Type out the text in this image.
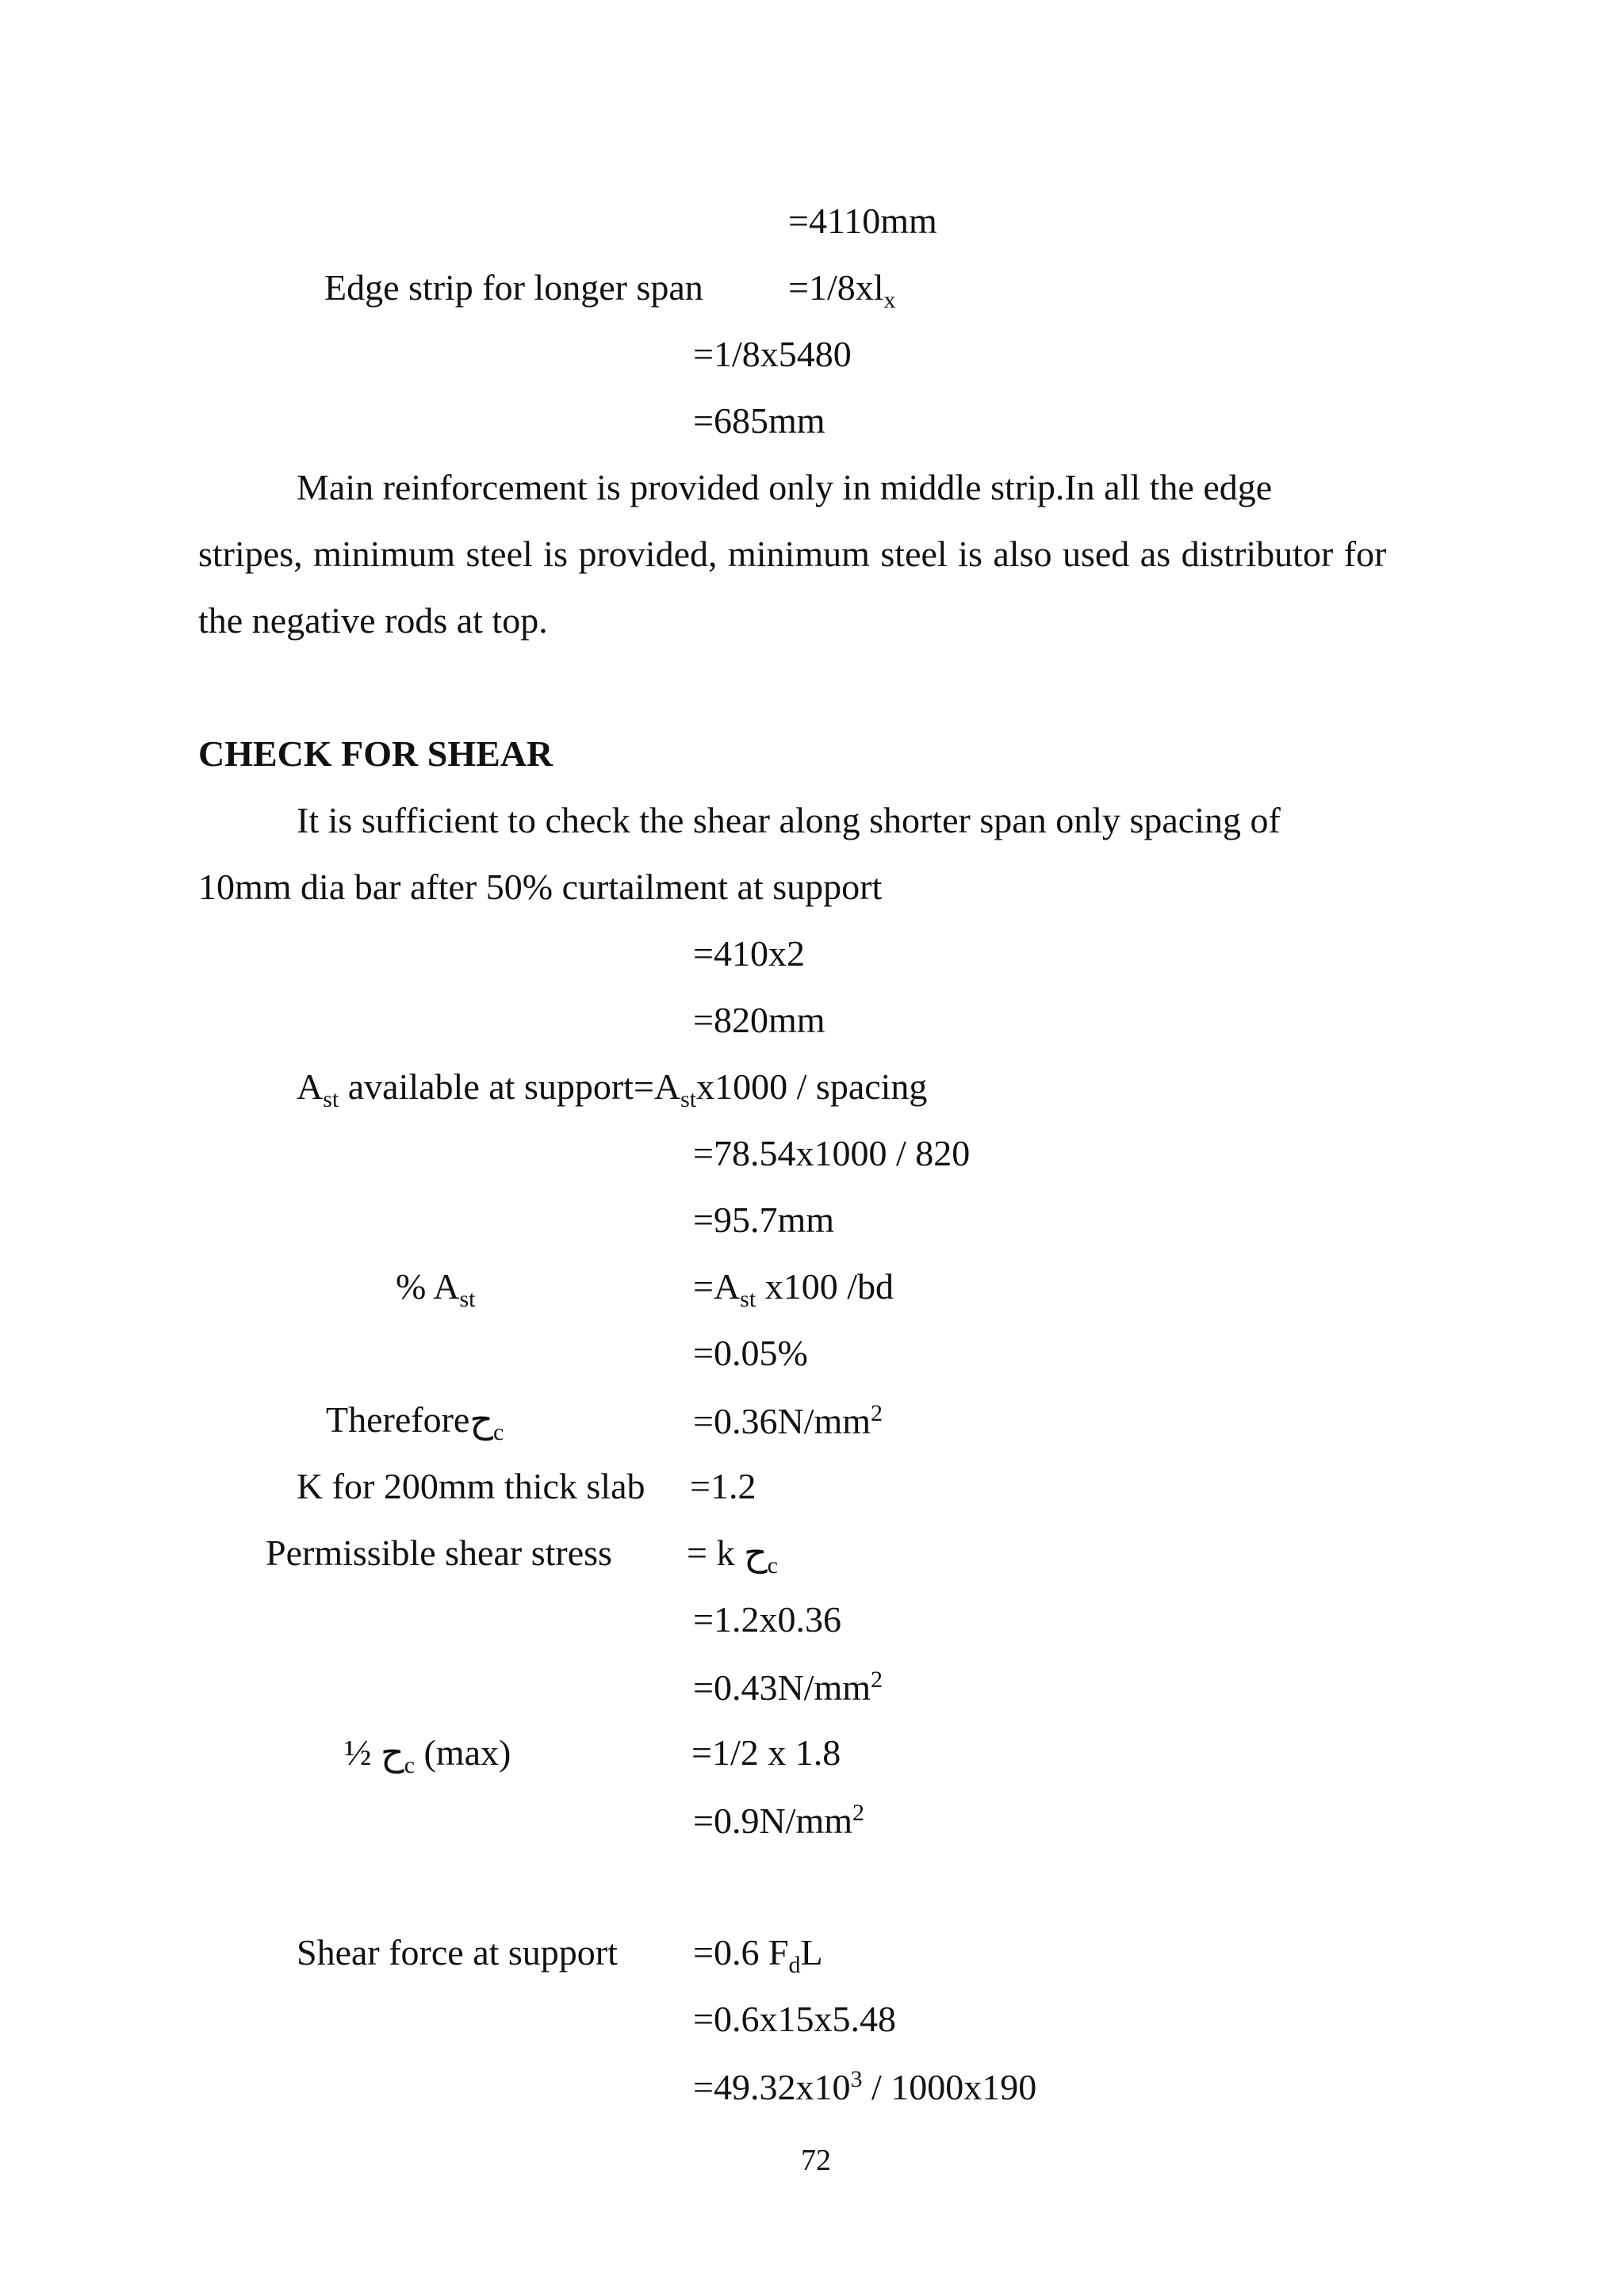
=4110mm
Edge strip for longer span $=1/8xl_x$
=1/8x5480
=685mm
Main reinforcement is provided only in middle strip.In all the edge
stripes, minimum steel is provided, minimum steel is also used as distributor for
the negative rods at top.
CHECK FOR SHEAR
It is sufficient to check the shear along shorter span only spacing of
10mm dia bar after 50% curtailment at support
=410x2
=820mm
$A_{st}$ available at $support=A_{st}x1000$ / spacing
=78.54x1000 / 820
=95.7mm
% $A_{st}$	$=A_{st}$ x100 /bd
=0.05%
Thereforeح$_c$	$=0.36N/mm^2$
K for 200mm thick slab =1.2
Permissible shear stress = k ح$_c$
=1.2x0.36
$=0.43N/mm^2$
½ ح$_c$ (max)	=1/2 x 1.8
$=0.9N/mm^2$
Shear force at support =0.6 $F_dL$
=0.6x15x5.48
$=49.32x10^3 / 1000x190$
72
